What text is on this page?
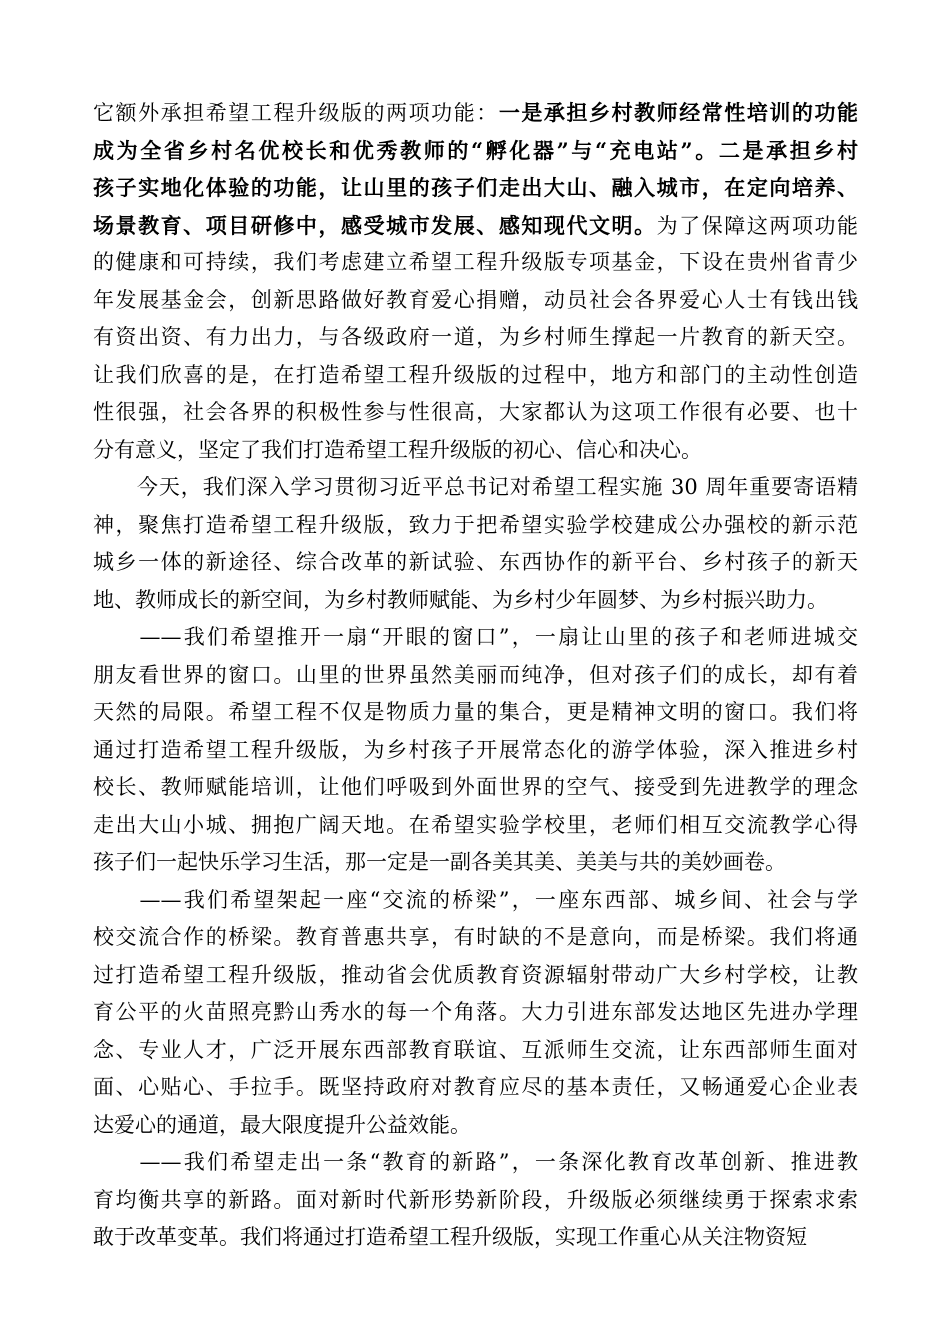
它额外承担希望工程升级版的两项功能：一是承担乡村教师经常性培训的功能
成为全省乡村名优校长和优秀教师的“孵化器”与“充电站”。二是承担乡村
孩子实地化体验的功能，让山里的孩子们走出大山、融入城市，在定向培养、
场景教育、项目研修中，感受城市发展、感知现代文明。为了保障这两项功能
的健康和可持续，我们考虑建立希望工程升级版专项基金，下设在贵州省青少
年发展基金会，创新思路做好教育爱心捐赠，动员社会各界爱心人士有钱出钱
有资出资、有力出力，与各级政府一道，为乡村师生撑起一片教育的新天空。
让我们欣喜的是，在打造希望工程升级版的过程中，地方和部门的主动性创造
性很强，社会各界的积极性参与性很高，大家都认为这项工作很有必要、也十
分有意义，坚定了我们打造希望工程升级版的初心、信心和决心。
　　今天，我们深入学习贯彻习近平总书记对希望工程实施 30 周年重要寄语精
神，聚焦打造希望工程升级版，致力于把希望实验学校建成公办强校的新示范
城乡一体的新途径、综合改革的新试验、东西协作的新平台、乡村孩子的新天
地、教师成长的新空间，为乡村教师赋能、为乡村少年圆梦、为乡村振兴助力。
　　——我们希望推开一扇“开眼的窗口”，一扇让山里的孩子和老师进城交
朋友看世界的窗口。山里的世界虽然美丽而纯净，但对孩子们的成长，却有着
天然的局限。希望工程不仅是物质力量的集合，更是精神文明的窗口。我们将
通过打造希望工程升级版，为乡村孩子开展常态化的游学体验，深入推进乡村
校长、教师赋能培训，让他们呼吸到外面世界的空气、接受到先进教学的理念
走出大山小城、拥抱广阔天地。在希望实验学校里，老师们相互交流教学心得
孩子们一起快乐学习生活，那一定是一副各美其美、美美与共的美妙画卷。
　　——我们希望架起一座“交流的桥梁”，一座东西部、城乡间、社会与学
校交流合作的桥梁。教育普惠共享，有时缺的不是意向，而是桥梁。我们将通
过打造希望工程升级版，推动省会优质教育资源辐射带动广大乡村学校，让教
育公平的火苗照亮黔山秀水的每一个角落。大力引进东部发达地区先进办学理
念、专业人才，广泛开展东西部教育联谊、互派师生交流，让东西部师生面对
面、心贴心、手拉手。既坚持政府对教育应尽的基本责任，又畅通爱心企业表
达爱心的通道，最大限度提升公益效能。
　　——我们希望走出一条“教育的新路”，一条深化教育改革创新、推进教
育均衡共享的新路。面对新时代新形势新阶段，升级版必须继续勇于探索求索
敢于改革变革。我们将通过打造希望工程升级版，实现工作重心从关注物资短
